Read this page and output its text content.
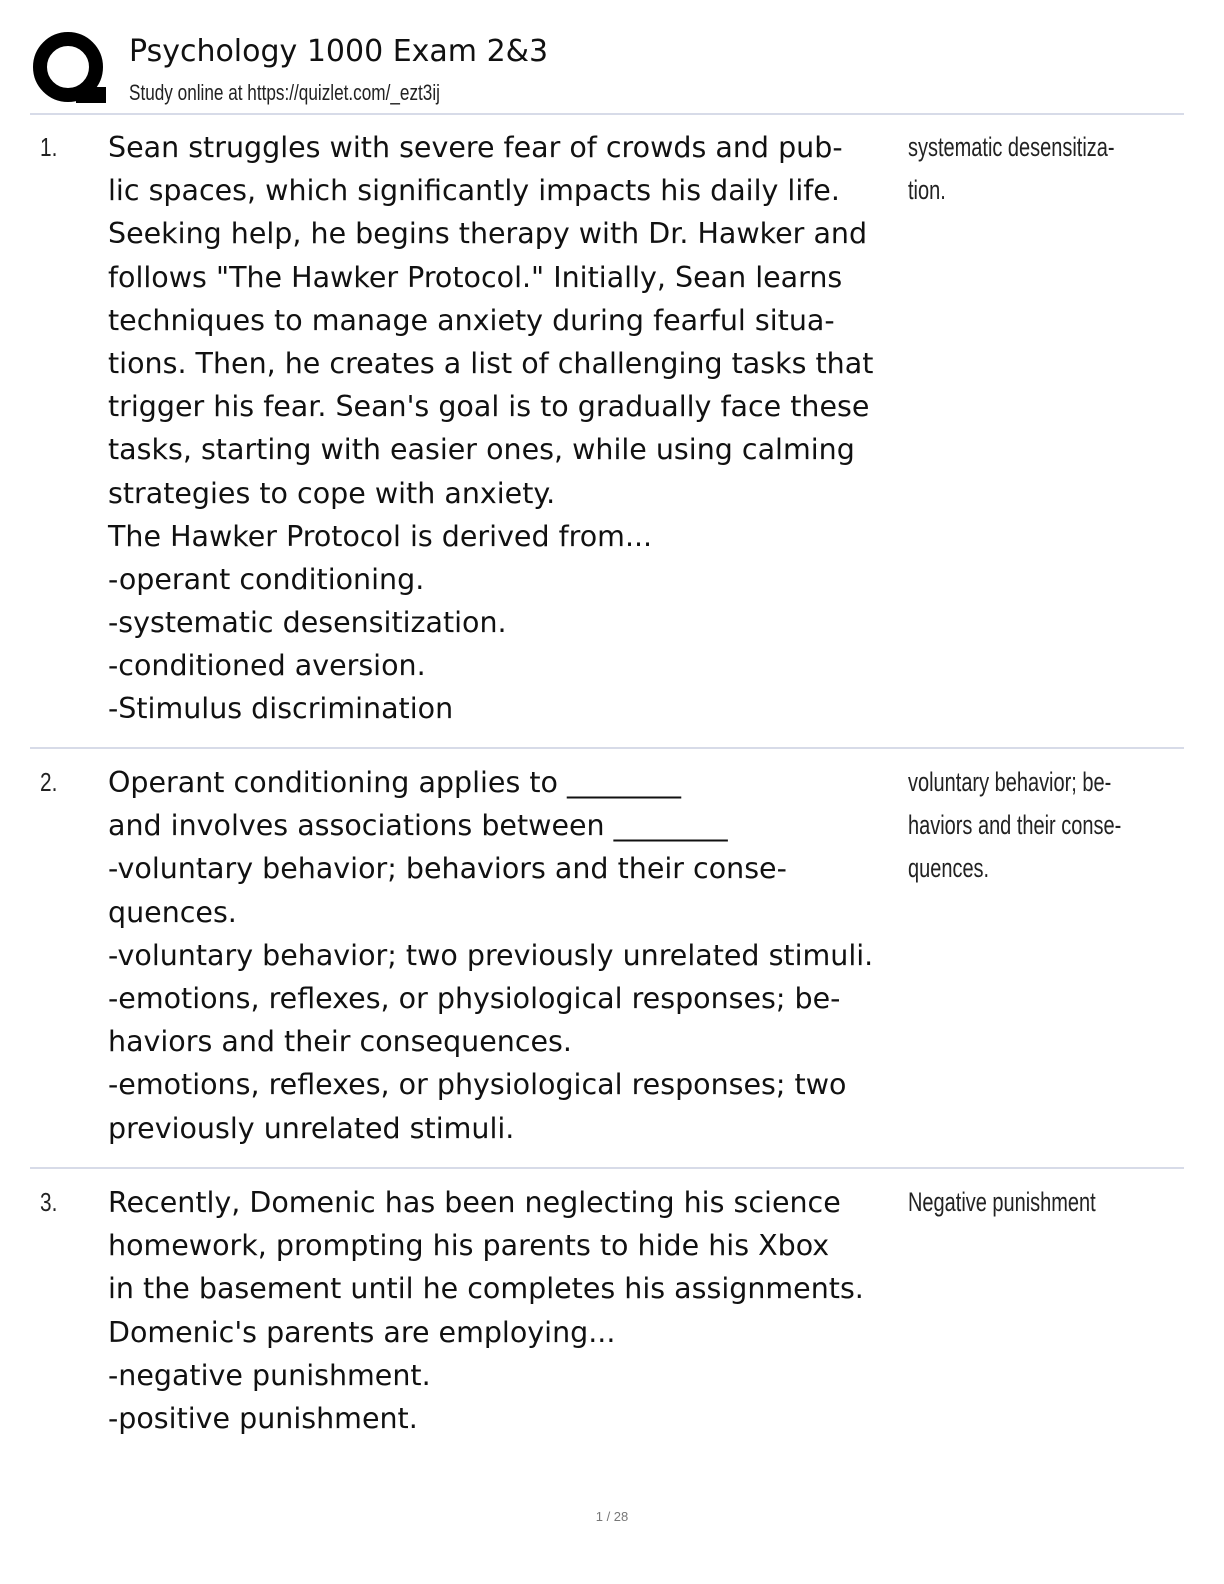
Psychology 1000 Exam 2&3
Study online at https://quizlet.com/_ezt3ij
1. Sean struggles with severe fear of crowds and pub-
lic spaces, which significantly impacts his daily life.
Seeking help, he begins therapy with Dr. Hawker and
follows "The Hawker Protocol." Initially, Sean learns
techniques to manage anxiety during fearful situa-
tions. Then, he creates a list of challenging tasks that
trigger his fear. Sean's goal is to gradually face these
tasks, starting with easier ones, while using calming
strategies to cope with anxiety.
The Hawker Protocol is derived from...
-operant conditioning.
-systematic desensitization.
-conditioned aversion.
-Stimulus discrimination
systematic desensitiza-
tion.
2. Operant conditioning applies to ________
and involves associations between ________
-voluntary behavior; behaviors and their conse-
quences.
-voluntary behavior; two previously unrelated stimuli.
-emotions, reflexes, or physiological responses; be-
haviors and their consequences.
-emotions, reflexes, or physiological responses; two
previously unrelated stimuli.
voluntary behavior; be-
haviors and their conse-
quences.
3. Recently, Domenic has been neglecting his science
homework, prompting his parents to hide his Xbox
in the basement until he completes his assignments.
Domenic's parents are employing...
-negative punishment.
-positive punishment.
Negative punishment
1 / 28
